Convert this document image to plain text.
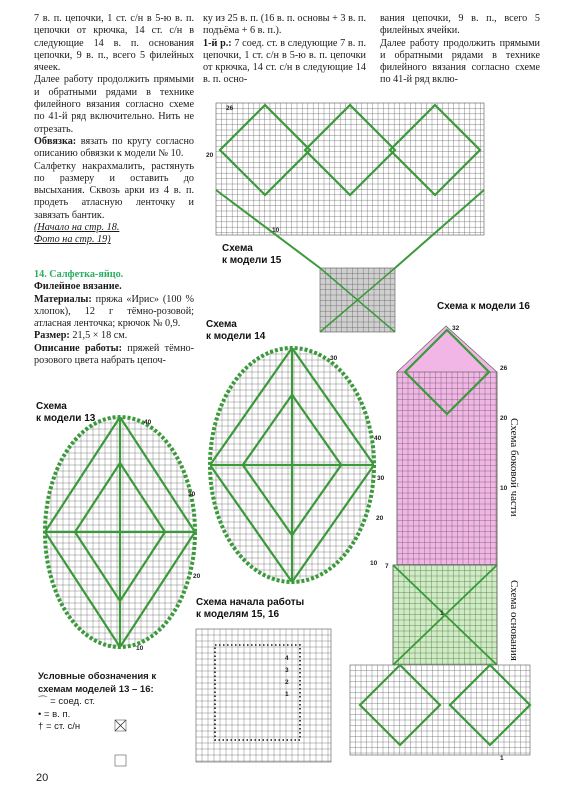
7 в. п. цепочки, 1 ст. с/н в 5-ю в. п. цепочки от крючка, 14 ст. с/н в следующие 14 в. п. основания цепочки, 9 в. п., всего 5 филейных ячеек.

Далее работу продолжить прямыми и обратными рядами в технике филейного вязания согласно схеме по 41-й ряд включительно. Нить не отрезать.

Обвязка: вязать по кругу согласно описанию обвязки к модели № 10.

Салфетку накрахмалить, растянуть по размеру и оставить до высыхания. Сквозь арки из 4 в. п. продеть атласную ленточку и завязать бантик.

(Начало на стр. 18.

Фото на стр. 19)

14. Салфетка-яйцо.

Филейное вязание.

Материалы: пряжа «Ирис» (100 % хлопок), 12 г тёмно-розовой; атласная ленточка; крючок № 0,9.

Размер: 21,5 × 18 см.

Описание работы: пряжей тёмно-розового цвета набрать цепоч-

ку из 25 в. п. (16 в. п. основы + 3 в. п. подъёма + 6 в. п.).

1-й р.: 7 соед. ст. в следующие 7 в. п. цепочки, 1 ст. с/н в 5-ю в. п. цепочки от крючка, 14 ст. с/н в следующие 14 в. п. осно-

вания цепочки, 9 в. п., всего 5 филейных ячейки.

Далее работу продолжить прямыми и обратными рядами в технике филейного вязания согласно схеме по 41-й ряд вклю-

Схема
к модели 15
Схема
к модели 14
Схема
к модели 13
Схема к модели 16
Схема начала работы
к моделям 15, 16
Схема боковой части
Схема основания
Условные обозначения к
схемам моделей 13 – 16:
⌒ = соед. ст.
• = в. п.
† = ст. с/н
20
26
20
10
30
40
30
20
10
40
30
20
10
32
26
20
10
7
1
1
4
3
2
1
